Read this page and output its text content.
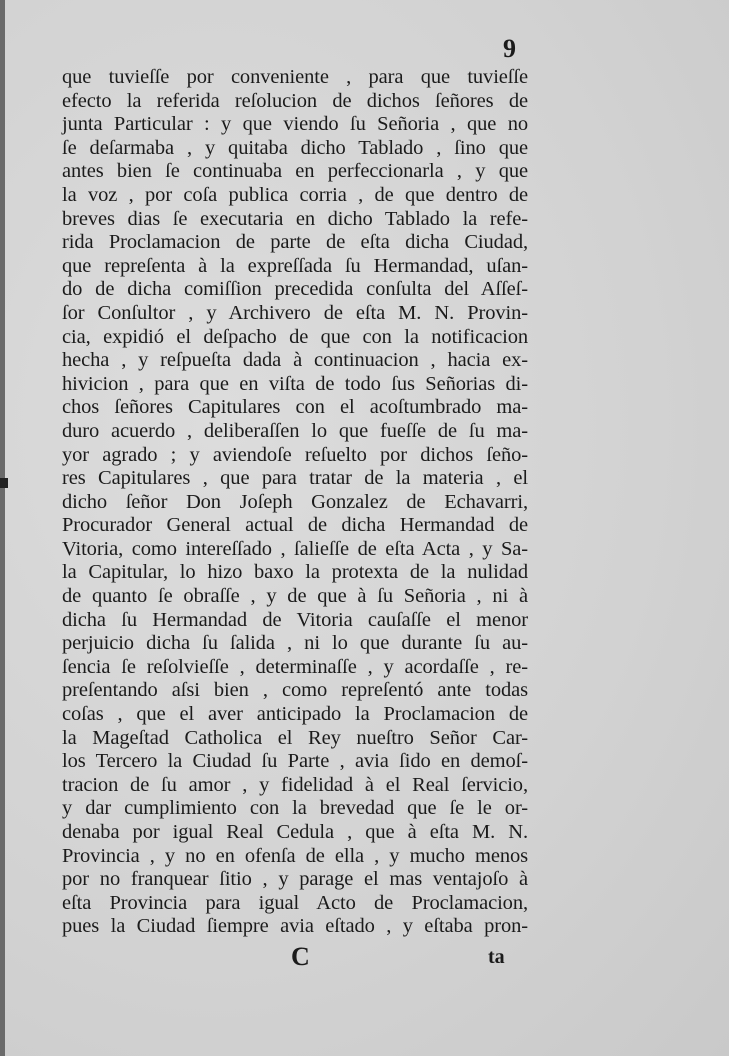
9
que tuvieſſe por conveniente , para que tuvieſſe
efecto la referida reſolucion de dichos ſeñores de
junta Particular : y que viendo ſu Señoria , que no
ſe deſarmaba , y quitaba dicho Tablado , ſino que
antes bien ſe continuaba en perfeccionarla , y que
la voz , por coſa publica corria , de que dentro de
breves dias ſe executaria en dicho Tablado la refe-
rida Proclamacion de parte de eſta dicha Ciudad,
que repreſenta à la expreſſada ſu Hermandad, uſan-
do de dicha comiſſion precedida conſulta del Aſſeſ-
ſor Conſultor , y Archivero de eſta M. N. Provin-
cia, expidió el deſpacho de que con la notificacion
hecha , y reſpueſta dada à continuacion , hacia ex-
hivicion , para que en viſta de todo ſus Señorias di-
chos ſeñores Capitulares con el acoſtumbrado ma-
duro acuerdo , deliberaſſen lo que fueſſe de ſu ma-
yor agrado ; y aviendoſe reſuelto por dichos ſeño-
res Capitulares , que para tratar de la materia , el
dicho ſeñor Don Joſeph Gonzalez de Echavarri,
Procurador General actual de dicha Hermandad de
Vitoria, como intereſſado , ſalieſſe de eſta Acta , y Sa-
la Capitular, lo hizo baxo la protexta de la nulidad
de quanto ſe obraſſe , y de que à ſu Señoria , ni à
dicha ſu Hermandad de Vitoria cauſaſſe el menor
perjuicio dicha ſu ſalida , ni lo que durante ſu au-
ſencia ſe reſolvieſſe , determinaſſe , y acordaſſe , re-
preſentando aſsi bien , como repreſentó ante todas
coſas , que el aver anticipado la Proclamacion de
la Mageſtad Catholica el Rey nueſtro Señor Car-
los Tercero la Ciudad ſu Parte , avia ſido en demoſ-
tracion de ſu amor , y fidelidad à el Real ſervicio,
y dar cumplimiento con la brevedad que ſe le or-
denaba por igual Real Cedula , que à eſta M. N.
Provincia , y no en ofenſa de ella , y mucho menos
por no franquear ſitio , y parage el mas ventajoſo à
eſta Provincia para igual Acto de Proclamacion,
pues la Ciudad ſiempre avia eſtado , y eſtaba pron-
C	ta
